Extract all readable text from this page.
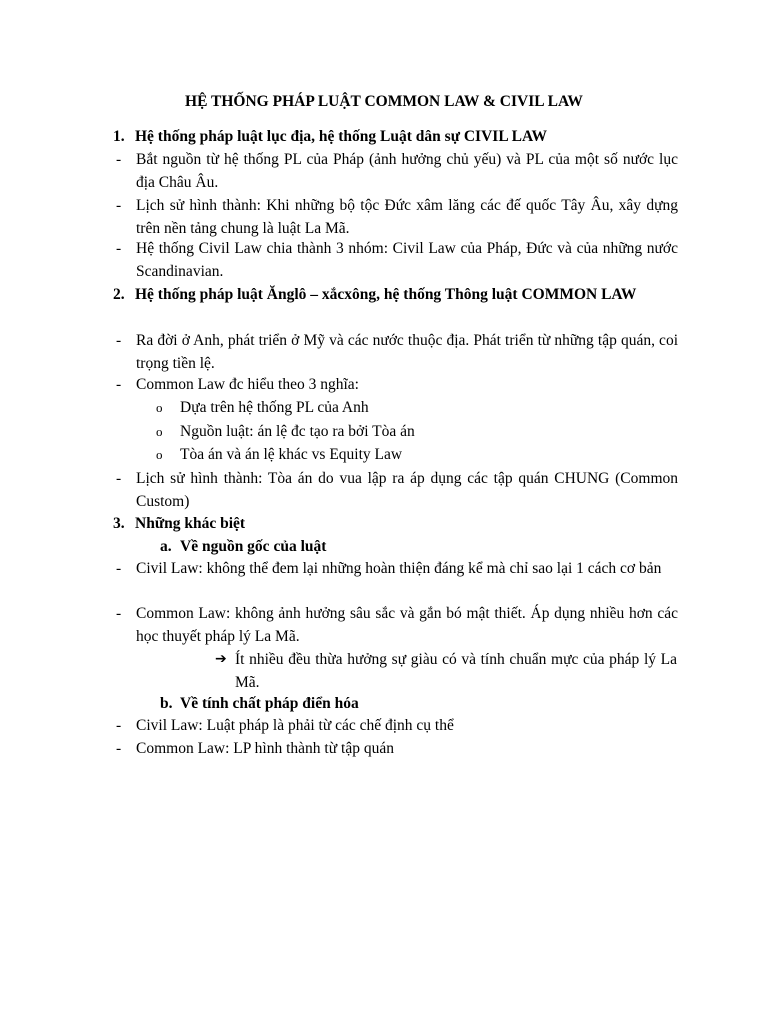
HỆ THỐNG PHÁP LUẬT COMMON LAW & CIVIL LAW
1. Hệ thống pháp luật lục địa, hệ thống Luật dân sự CIVIL LAW
- Bắt nguồn từ hệ thống PL của Pháp (ảnh hưởng chủ yếu) và PL của một số nước lục địa Châu Âu.
- Lịch sử hình thành: Khi những bộ tộc Đức xâm lăng các đế quốc Tây Âu, xây dựng trên nền tảng chung là luật La Mã.
- Hệ thống Civil Law chia thành 3 nhóm: Civil Law của Pháp, Đức và của những nước Scandinavian.
2. Hệ thống pháp luật Ănglô – xắcxông, hệ thống Thông luật COMMON LAW
- Ra đời ở Anh, phát triển ở Mỹ và các nước thuộc địa. Phát triển từ những tập quán, coi trọng tiền lệ.
- Common Law đc hiểu theo 3 nghĩa:
o Dựa trên hệ thống PL của Anh
o Nguồn luật: án lệ đc tạo ra bởi Tòa án
o Tòa án và án lệ khác vs Equity Law
- Lịch sử hình thành: Tòa án do vua lập ra áp dụng các tập quán CHUNG (Common Custom)
3. Những khác biệt
a. Về nguồn gốc của luật
- Civil Law: không thể đem lại những hoàn thiện đáng kể mà chỉ sao lại 1 cách cơ bản
- Common Law: không ảnh hưởng sâu sắc và gắn bó mật thiết. Áp dụng nhiều hơn các học thuyết pháp lý La Mã.
➔ Ít nhiều đều thừa hưởng sự giàu có và tính chuẩn mực của pháp lý La Mã.
b. Về tính chất pháp điển hóa
- Civil Law: Luật pháp là phải từ các chế định cụ thể
- Common Law: LP hình thành từ tập quán
